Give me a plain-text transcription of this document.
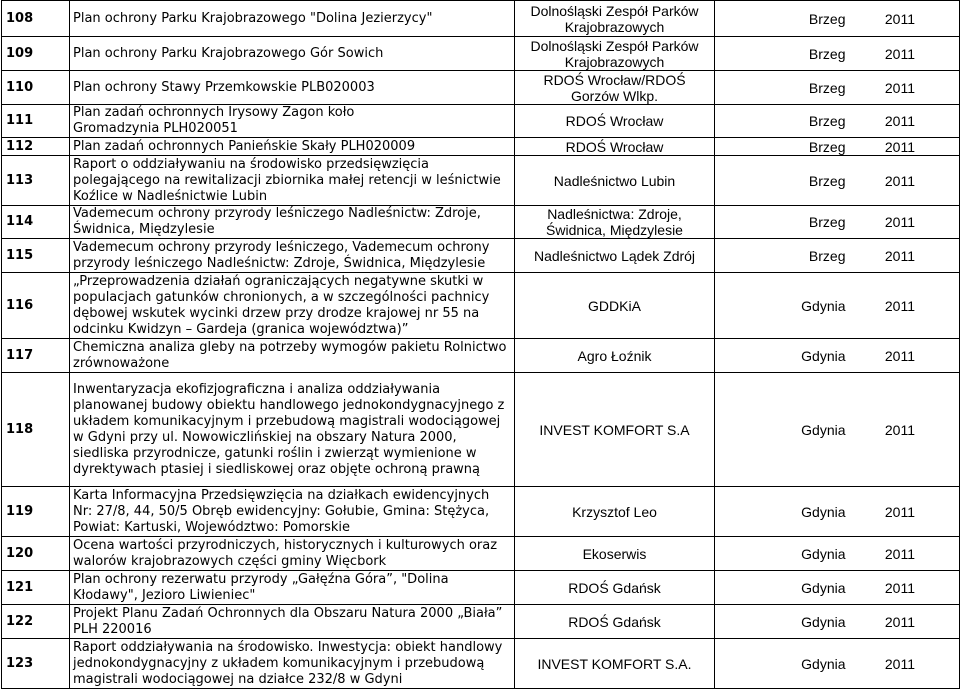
108	Plan ochrony Parku Krajobrazowego "Dolina Jezierzycy"	Dolnośląski Zespół Parków Krajobrazowych	Brzeg	2011
109	Plan ochrony Parku Krajobrazowego Gór Sowich	Dolnośląski Zespół Parków Krajobrazowych	Brzeg	2011
110	Plan ochrony Stawy Przemkowskie PLB020003	RDOŚ Wrocław/RDOŚ Gorzów Wlkp.	Brzeg	2011
111	Plan zadań ochronnych Irysowy Zagon koło Gromadzynia PLH020051	RDOŚ Wrocław	Brzeg	2011
112	Plan zadań ochronnych Panieńskie Skały PLH020009	RDOŚ Wrocław	Brzeg	2011
113	Raport o oddziaływaniu na środowisko przedsięwzięcia polegającego na rewitalizacji zbiornika małej retencji w leśnictwie Koźlice w Nadleśnictwie Lubin	Nadleśnictwo Lubin	Brzeg	2011
114	Vademecum ochrony przyrody leśniczego Nadleśnictw: Zdroje, Świdnica, Międzylesie	Nadleśnictwa: Zdroje, Świdnica, Międzylesie	Brzeg	2011
115	Vademecum ochrony przyrody leśniczego, Vademecum ochrony przyrody leśniczego Nadleśnictw: Zdroje, Świdnica, Międzylesie	Nadleśnictwo Lądek Zdrój	Brzeg	2011
116	„Przeprowadzenia działań ograniczających negatywne skutki w populacjach gatunków chronionych, a w szczególności pachnicy dębowej wskutek wycinki drzew przy drodze krajowej nr 55 na odcinku Kwidzyn – Gardeja (granica województwa)”	GDDKiA	Gdynia	2011
117	Chemiczna analiza gleby na potrzeby wymogów pakietu Rolnictwo zrównoważone	Agro Łoźnik	Gdynia	2011
118	Inwentaryzacja ekofizjograficzna i analiza oddziaływania planowanej budowy obiektu handlowego jednokondygnacyjnego z układem komunikacyjnym i przebudową magistrali wodociągowej w Gdyni przy ul. Nowowiczlińskiej na obszary Natura 2000, siedliska przyrodnicze, gatunki roślin i zwierząt wymienione w dyrektywach ptasiej i siedliskowej oraz objęte ochroną prawną	INVEST KOMFORT S.A	Gdynia	2011
119	Karta Informacyjna Przedsięwzięcia na działkach ewidencyjnych Nr: 27/8, 44, 50/5 Obręb ewidencyjny: Gołubie, Gmina: Stężyca, Powiat: Kartuski, Województwo: Pomorskie	Krzysztof Leo	Gdynia	2011
120	Ocena wartości przyrodniczych, historycznych i kulturowych oraz walorów krajobrazowych części gminy Więcbork	Ekoserwis	Gdynia	2011
121	Plan ochrony rezerwatu przyrody „Gałęźna Góra”, "Dolina Kłodawy", Jezioro Liwieniec"	RDOŚ Gdańsk	Gdynia	2011
122	Projekt Planu Zadań Ochronnych dla Obszaru Natura 2000 „Biała” PLH 220016	RDOŚ Gdańsk	Gdynia	2011
123	Raport oddziaływania na środowisko. Inwestycja: obiekt handlowy jednokondygnacyjny z układem komunikacyjnym i przebudową magistrali wodociągowej na działce 232/8 w Gdyni	INVEST KOMFORT S.A.	Gdynia	2011
